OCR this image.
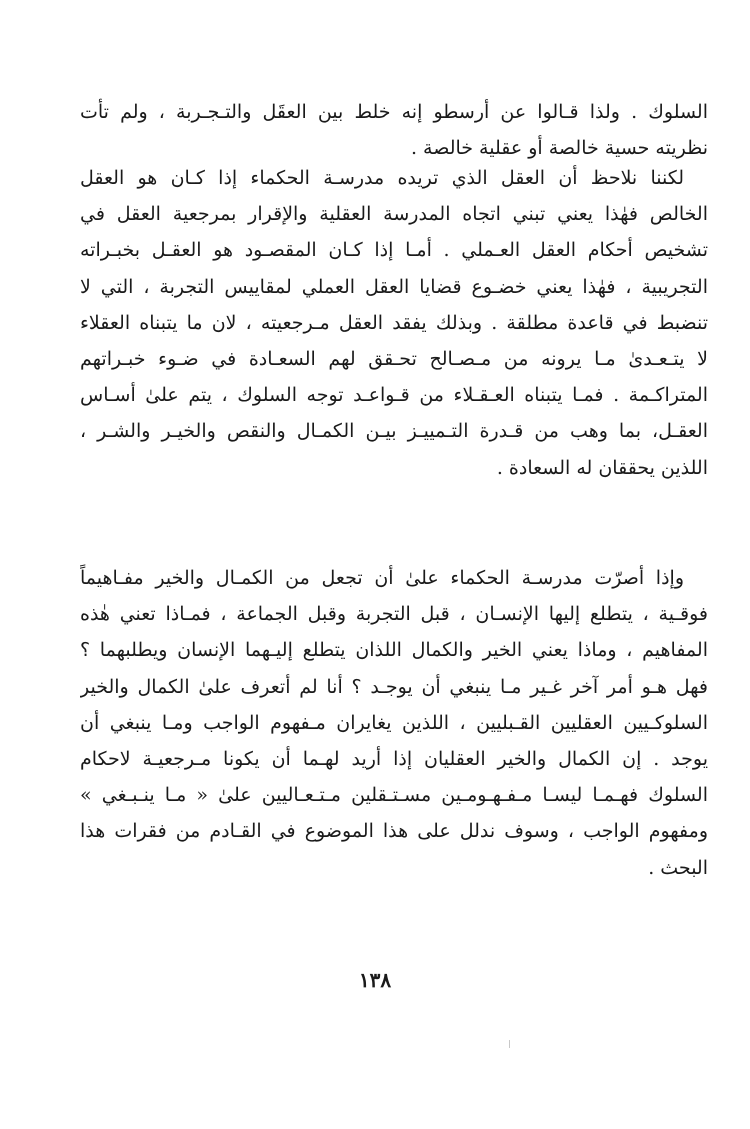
السلوك . ولذا قـالوا عن أرسطو إنه خلط بين العقَل والتـجـربة ، ولم تأت
نظريته حسية خالصة أو عقلية خالصة .
لكننا نلاحظ أن العقل الذي تريده مدرسـة الحكماء إذا كـان هو العقل
الخالص فهٰذا يعني تبني اتجاه المدرسة العقلية والإقرار بمرجعية العقل في
تشخيص أحكام العقل العـملي . أمـا إذا كـان المقصـود هو العقـل بخبـراته
التجريبية ، فهٰذا يعني خضـوع قضايا العقل العملي لمقاييس التجربة ، التي لا
تنضبط في قاعدة مطلقة . وبذلك يفقد العقل مـرجعيته ، لان ما يتبناه العقلاء
لا يتـعـدىٰ مـا يرونه من مـصـالح تحـقق لهم السعـادة في ضـوء خبـراتهم
المتراكـمة . فمـا يتبناه العـقـلاء من قـواعـد توجه السلوك ، يتم علىٰ أسـاس
العقـل، بما وهب من قـدرة التـمييـز بيـن الكمـال والنقص والخيـر والشـر ،
اللذين يحققان له السعادة .
وإذا أصرّت مدرسـة الحكماء علىٰ أن تجعل من الكمـال والخير مفـاهيماً
فوقـية ، يتطلع إليها الإنسـان ، قبل التجربة وقبل الجماعة ، فمـاذا تعني هٰذه
المفاهيم ، وماذا يعني الخير والكمال اللذان يتطلع إليـهما الإنسان ويطلبهما ؟
فهل هـو أمر آخر غـير مـا ينبغي أن يوجـد ؟ أنا لم أتعرف علىٰ الكمال والخير
السلوكـيين العقليين القـبليين ، اللذين يغايران مـفهوم الواجب ومـا ينبغي أن
يوجد . إن الكمال والخير العقليان إذا أريد لهـما أن يكونا مـرجعيـة لاحكام
السلوك فهـمـا ليسـا مـفـهـومـين مسـتـقلين مـتـعـاليين علىٰ « مـا ينـبـغي »
ومفهوم الواجب ، وسوف ندلل على هذا الموضوع في القـادم من فقرات هذا
البحث .
١٣٨
